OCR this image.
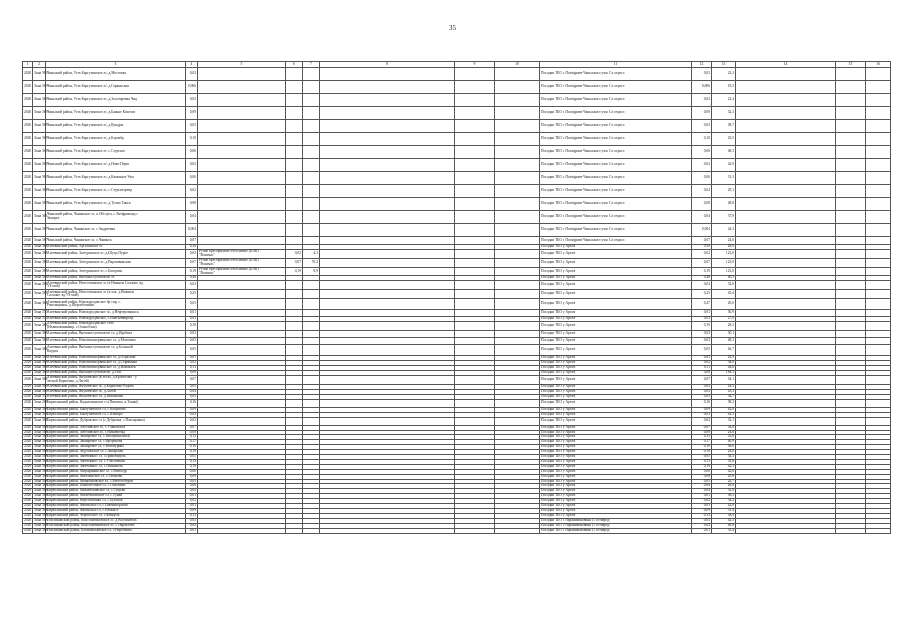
35
1	2	3	4	5	6	7	8	9	10	11	12	13	14	15	16
2020	Зона 363	Чиньский район, Усть-Баргузинское лс, д.Мостовая	0,02							Посадки ТБО с Поліціриве Чаньського учас Сл отрасл	0,02	23,3			
2020	Зона 363	Чиньский район, Усть-Баргузинское лс, д.Гаркинская	0,006							Посадки ТБО с Поліціриве Чаньського учас Сл отрасл	0,006	18,3			
2020	Зона 363	Чиньский район, Усть-Баргузинское лс, д.Золотаревка Чнц	0,02							Посадки ТБО с Поліціриве Чаньського учас Сл отрасл	0,02	22,4			
2020	Зона 363	Чиньский район, Усть-Баргузинское лс, д.Баянье Коштом	0,09							Посадки ТБО с Поліціриве Чаньського учас Сл отрасл	0,09	32,3			
2020	Зона 363	Чиньский район, Усть-Баргузинское лс, д.Кундры	0,03							Посадки ТБО с Поліціриве Чаньського учас Сл отрасл	0,03	38,7			
2020	Зона 363	Чиньский район, Усть-Баргузинское лс, д.Борзибр	0,10							Посадки ТБО с Поліціриве Чаньського учас Сл отрасл	0,10	23,5			
2020	Зона 363	Чиньский район, Усть-Баргузинское лс, с.Стурское	0,06							Посадки ТБО с Поліціриве Чаньського учас Сл отрасл	0,06	48,3			
2020	Зона 363	Чиньский район, Усть-Баргузинское лс, д.Ново-Перш	0,02							Посадки ТБО с Поліціриве Чаньського учас Сл отрасл	0,02	42,9			
2020	Зона 363	Чиньский район, Усть-Баргузинское лс, д.Каменное Ушо	0,06							Посадки ТБО с Поліціриве Чаньського учас Сл отрасл	0,06	31,3			
2020	Зона 364	Чиньский район, Усть-Баргузинское лс, с.Стурситервер	0,02							Посадки ТБО с Поліціриве Чаньського учас Сл отрасл	0,02	29,1			
2020	Зона 365	Чиньский район, Усть-Баргузинское лс, д.Тучно Тинск	0,08							Посадки ТБО с Поліціриве Чаньського учас Сл отрасл	0,08	48,8			
2020	Зона 365	Чиньский район, Чанинское лс, п.Обслуга, с.Энефриманд с
Заморье	0,04							Посадки ТБО с Поліціриве Чаньського учас Сл отрасл	0,04	37,9			
2020	Зона 367	Чиньский район, Чанинское лс, с.Андреевка	0,004							Посадки ТБО с Поліціриве Чаньського учас Сл отрасл	0,004	44,3			
2020	Зона 367	Чиньский район, Чанинское лс, с.Чанинск	0,07							Посадки ТБО с Поліціриве Чаньського учас Сл отрасл	0,07	24,0			
2020	Зона 368	Алеевинский район, Аргазинское лс	0,58							Посадки ТБО у Аргазі	0,58	28,0			
2020	Зона 368	Алеевинский район, Заттуринское лс, д.Шунд Пурое	0,02	Ручне пресефіктиве обтеснение (ПЛК)
"Вскимас"	0,02	4,1				Посадки ТБО у Аргазі	0,02	123,0			
2020	Зона 368	Алеевинский район, Заттуринское лс, д.Варшивинская	0,07	Ручне пресефіктиве обтеснение (ПЛК)
"Вскимас"	0,07	70,2				Посадки ТБО у Аргазі	0,07	123,0			
2020	Зона 368	Алеевинский район, Заттуринское лс, с.Баторгин	0,19	Ручне пресефіктиве обтеснение (ПЛК)
"Вскимас"	0,19	8,9				Посадки ТБО у Аргазі	0,19	123,0			
2020	Зона 368	Алеевинский район, Внешноступенчатое лс	0,48							Посадки ТБО у Аргазі	0,48	40,3			
2020	Зона 368	Алеевинский район, Непесевинское лс (в Нижнем Салопке, вд
УЗ-мой)	0,02							Посадки ТБО у Аргазі	0,02	32,6			
2020	Зона 368	Алеевинский район, Непесевинское лс (в лок. д.Нижнем
Салопке, вд УЗ-мой)	0,25							Посадки ТБО у Аргазі	0,25	43,4			
2020	Зона 368	Алеевинский район, Новокуроденское бр сир, с.
Рачельщикок, д.Шерсвботинек	0,03							Посадки ТБО у Аргазі	0,47	20,6			
2020	Зона 370	Алеевинский район, Новокуроденское лс, д.Нефтеровкинск	0,01							Посадки ТБО у Аргазі	0,01	30,9			
2020	Зона 370	Алеевинский район, Новокуроденское, с.Ипатьевкиротр	0,03							Посадки ТБО у Аргазі	0,03	27,6			
2020	Зона 368	Алеевинский район, Новокуроденское стоп
(Ихвикованинвир, с.Осиноблон)	0,10							Посадки ТБО у Аргазі	0,10	28,3			
2020	Зона 368	Алеевинский район, Внешноступенчатое сл, д.Ирабиха	0,03							Посадки ТБО у Аргазі	0,03	30,1			
2020	Зона 368	Алеевинский район, Новотипинорвинское сл, д.Молокево	0,03							Посадки ТБО у Аргазі	0,03	48,3			
2020	Зона 368	Алеевинский район, Внешноступенчатое сл, д.Большой
Коурля	0,05							Посадки ТБО у Аргазі	0,05	62,7			
2020	Зона 368	Алеевинский район, Новотипинорвинское сл, д.Отраский	0,01							Посадки ТБО у Аргазі	0,01	24,9			
2020	Зона 368	Алеевинский район, Новотипинорвинское сл, д.Сериванка	0,02							Посадки ТБО у Аргазі	0,02	34,0			
2020	Зона 368	Алеевинский район, Новотипинорвинское сл, д.Намаклея	0,11							Посадки ТБО у Аргазі	0,11	44,6			
2020	Зона 368	Алеевинский район, Внешноступенчатое, д.Гляс	0,08							Посадки ТБО у Аргазі	0,08	184,1			
2020	Зона 368	Алеевинский район, Янушевское (в лесах, д.Кропотово - у
лесной Коршенье, д.Лагой)	0,07							Посадки ТБО у Аргазі	0,07	34,1			
2020	Зона 369	Алеевинский район, Янушевское лс, д.Коршенье-Радово	0,05							Посадки ТБО у Аргазі	0,05	24,5			
2020	Зона 369	Алеевинский район, Янушевское лс, д.Лагой	0,04							Посадки ТБО у Аргазі	0,04	43,3			
2020	Зона 370	Алеевинский район, Янушевское сл, д.Шишковко	0,03							Посадки ТБО у Аргазі	0,03	34,7			
2020	Зона 368	Бирюсинский район, Кадиловинское сл (Пивоево, к.Тонакі)	0,16							Посадки ТБО у Аргазі	0,16	38,2			
2020	Зона 368	Бирюсинский район, Бантушевское сл, с.Кощилово	0,09							Посадки ТБО у Аргазі	0,09	42,8			
2020	Зона 368	Бирюсинский район, Бантушевское сл, с.Шапиро	0,03							Посадки ТБО у Аргазі	0,03	42,3			
2020	Зона 368	Бирюсинский район, Дубровское сл (с.Дубровка, с.Пахсировка)	0,02							Посадки ТБО у Аргазі	0,02	32,1			
2020	Зона 368	Бирюсинский район, Зобеливское лс, с.Учановское	0,07							Посадки ТБО у Аргазі	0,07	34,8			
2020	Зона 368	Бирюсинский район, Зобеливское лс, с.Ниаментыд	0,09							Посадки ТБО у Аргазі	0,09	24,8			
2020	Зона 368	Бирюсинский район, Закиаревое сл, с.Пиотримаэзной	0,13							Посадки ТБО у Аргазі	0,13	33,8			
2020	Зона 368	Бирюсинский район, Закиаревое сл, с.Фрэренова	0,17							Посадки ТБО у Аргазі	0,17	40,9			
2020	Зона 368	Бирюсинский район, Закиаревое сл, с.Ватемурино	0,10							Посадки ТБО у Аргазі	0,10	38,6			
2020	Зона 368	Бирюсинский район, Зедупипское сл, с.Запарская	0,10							Посадки ТБО у Аргазі	0,10	24,0			
2020	Зона 368	Бирюсинский район, Зипевлинос сл, с.Цимовидоль	0,05							Посадки ТБО у Аргазі	0,05	34,3			
2020	Зона 368	Бирюсинский район, Зипевлинос сл, с.Участивкин	0,13							Посадки ТБО у Аргазі	0,13	33,8			
2020	Зона 368	Бирюсинский район, Зипевлинос сл, с.Шинэнкэн	0,19							Посадки ТБО у Аргазі	0,19	42,3			
2020	Зона 368	Бирюсинский район, Мирофанинское сл, с.Вихбодр	0,06							Посадки ТБО у Аргазі	0,06	42,6			
2020	Зона 368	Бирюсинский район, Магелинское сл, с.Гатаново	0,08							Посадки ТБО у Аргазі	0,08	29,8			
2020	Зона 368	Бирюсинский район, Менябиновское ел, с.Мечбосберов	0,05							Посадки ТБО у Аргазі	0,05	24,7			
2020	Зона 368	Бирюсинский район, Пампателикое сл, с.Основино	0,06							Посадки ТБО у Аргазі	0,06	26,8			
2020	Зона 368	Бирюсинский район, Микибешивское сл, с.Гущово	0,04							Посадки ТБО у Аргазі	0,04	32,0			
2020	Зона 368	Бирюсинский район, Магибешивское сл, с.Тунай	0,01							Посадки ТБО у Аргазі	0,01	38,5			
2020	Зона 368	Бирюсинский район, Кереломоинш сл, с.Бухонов	0,02							Посадки ТБО у Аргазі	0,02	34,2			
2020	Зона 368	Бирюсинский район, Фашмонал сл, с.Пипчинорской	0,01							Посадки ТБО у Аргазі	0,01	42,8			
2020	Зона 368	Бирюсинский район, Фашмонал сл, с.Пемонсе	0,09							Посадки ТБО у Аргазі	0,09	31,4			
2020	Зона 368	Бирюсинский район, Черепеплое сл, с.Фвацель	0,13							Посадки ТБО у Аргазі	0,13	38,4			
2020	Зона 368	Поплинавский район, Константиновское лс, д.Волчинобах	0,03							Посадки ТБО с Параниконовина (1 оставрод	0,03	42,3			
2020	Зона 368	Поплинавский район, Константинивское лс, с.Окраёлово	0,02							Посадки ТБО с Параниконовина (1 оставрод	0,02	40,8			
2020	Зона 368	Поплинавский район, Клеишеасайское сл, с.Неребйово	0,01							Посадки ТБО с Параниконовина (1 оставрод	0,01	33,4			
